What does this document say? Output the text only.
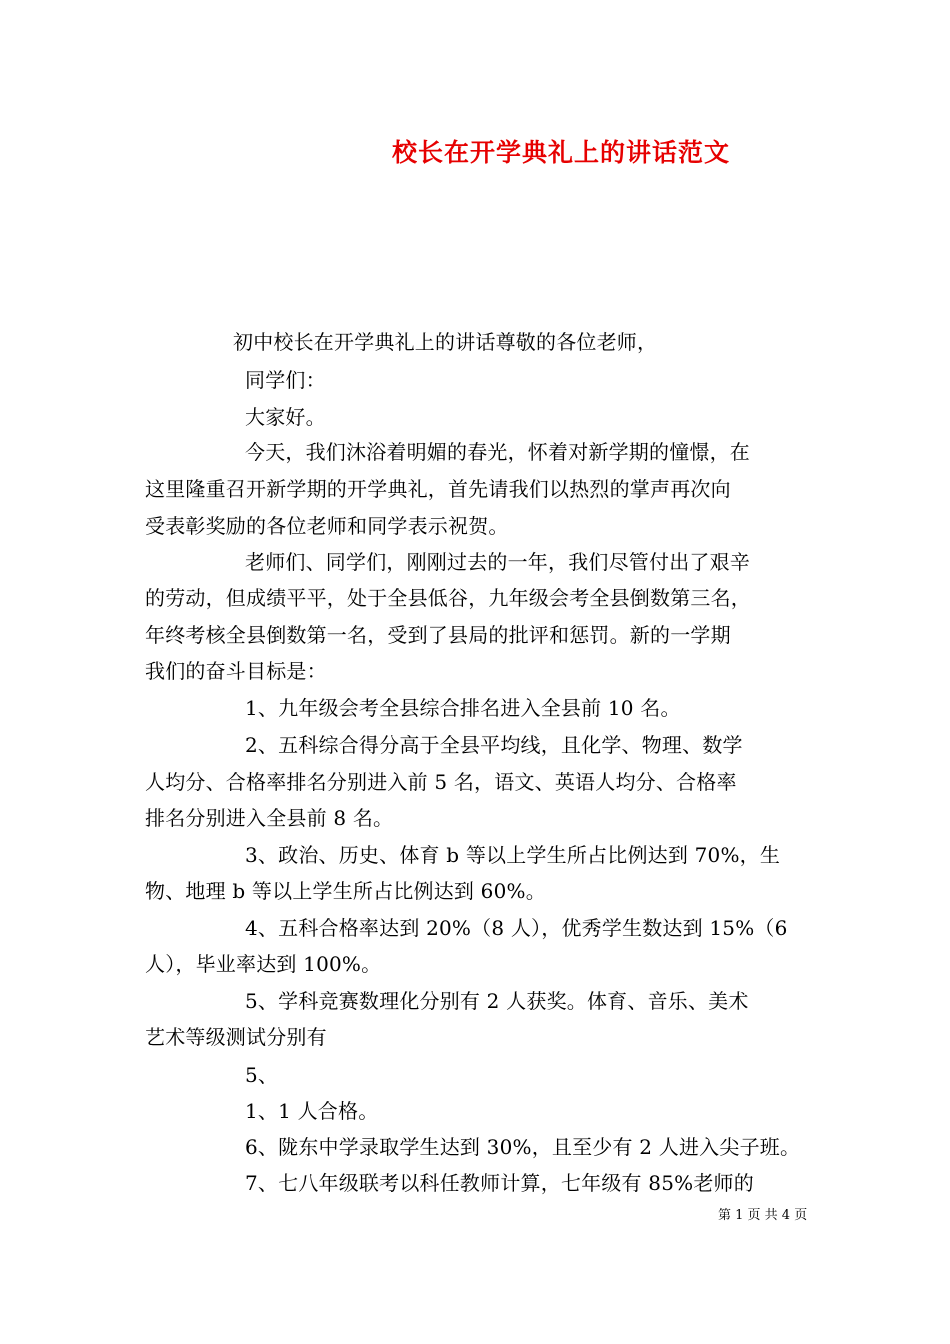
校长在开学典礼上的讲话范文
初中校长在开学典礼上的讲话尊敬的各位老师，
同学们：
大家好。
今天，我们沐浴着明媚的春光，怀着对新学期的憧憬，在
这里隆重召开新学期的开学典礼，首先请我们以热烈的掌声再次向
受表彰奖励的各位老师和同学表示祝贺。
老师们、同学们，刚刚过去的一年，我们尽管付出了艰辛
的劳动，但成绩平平，处于全县低谷，九年级会考全县倒数第三名，
年终考核全县倒数第一名，受到了县局的批评和惩罚。新的一学期
我们的奋斗目标是：
1、九年级会考全县综合排名进入全县前 10 名。
2、五科综合得分高于全县平均线，且化学、物理、数学
人均分、合格率排名分别进入前 5 名，语文、英语人均分、合格率
排名分别进入全县前 8 名。
3、政治、历史、体育 b 等以上学生所占比例达到 70%，生
物、地理 b 等以上学生所占比例达到 60%。
4、五科合格率达到 20%（8 人），优秀学生数达到 15%（6
人），毕业率达到 100%。
5、学科竞赛数理化分别有 2 人获奖。体育、音乐、美术
艺术等级测试分别有
5、
1、1 人合格。
6、陇东中学录取学生达到 30%，且至少有 2 人进入尖子班。
7、七八年级联考以科任教师计算，七年级有 85%老师的
第 1 页 共 4 页
